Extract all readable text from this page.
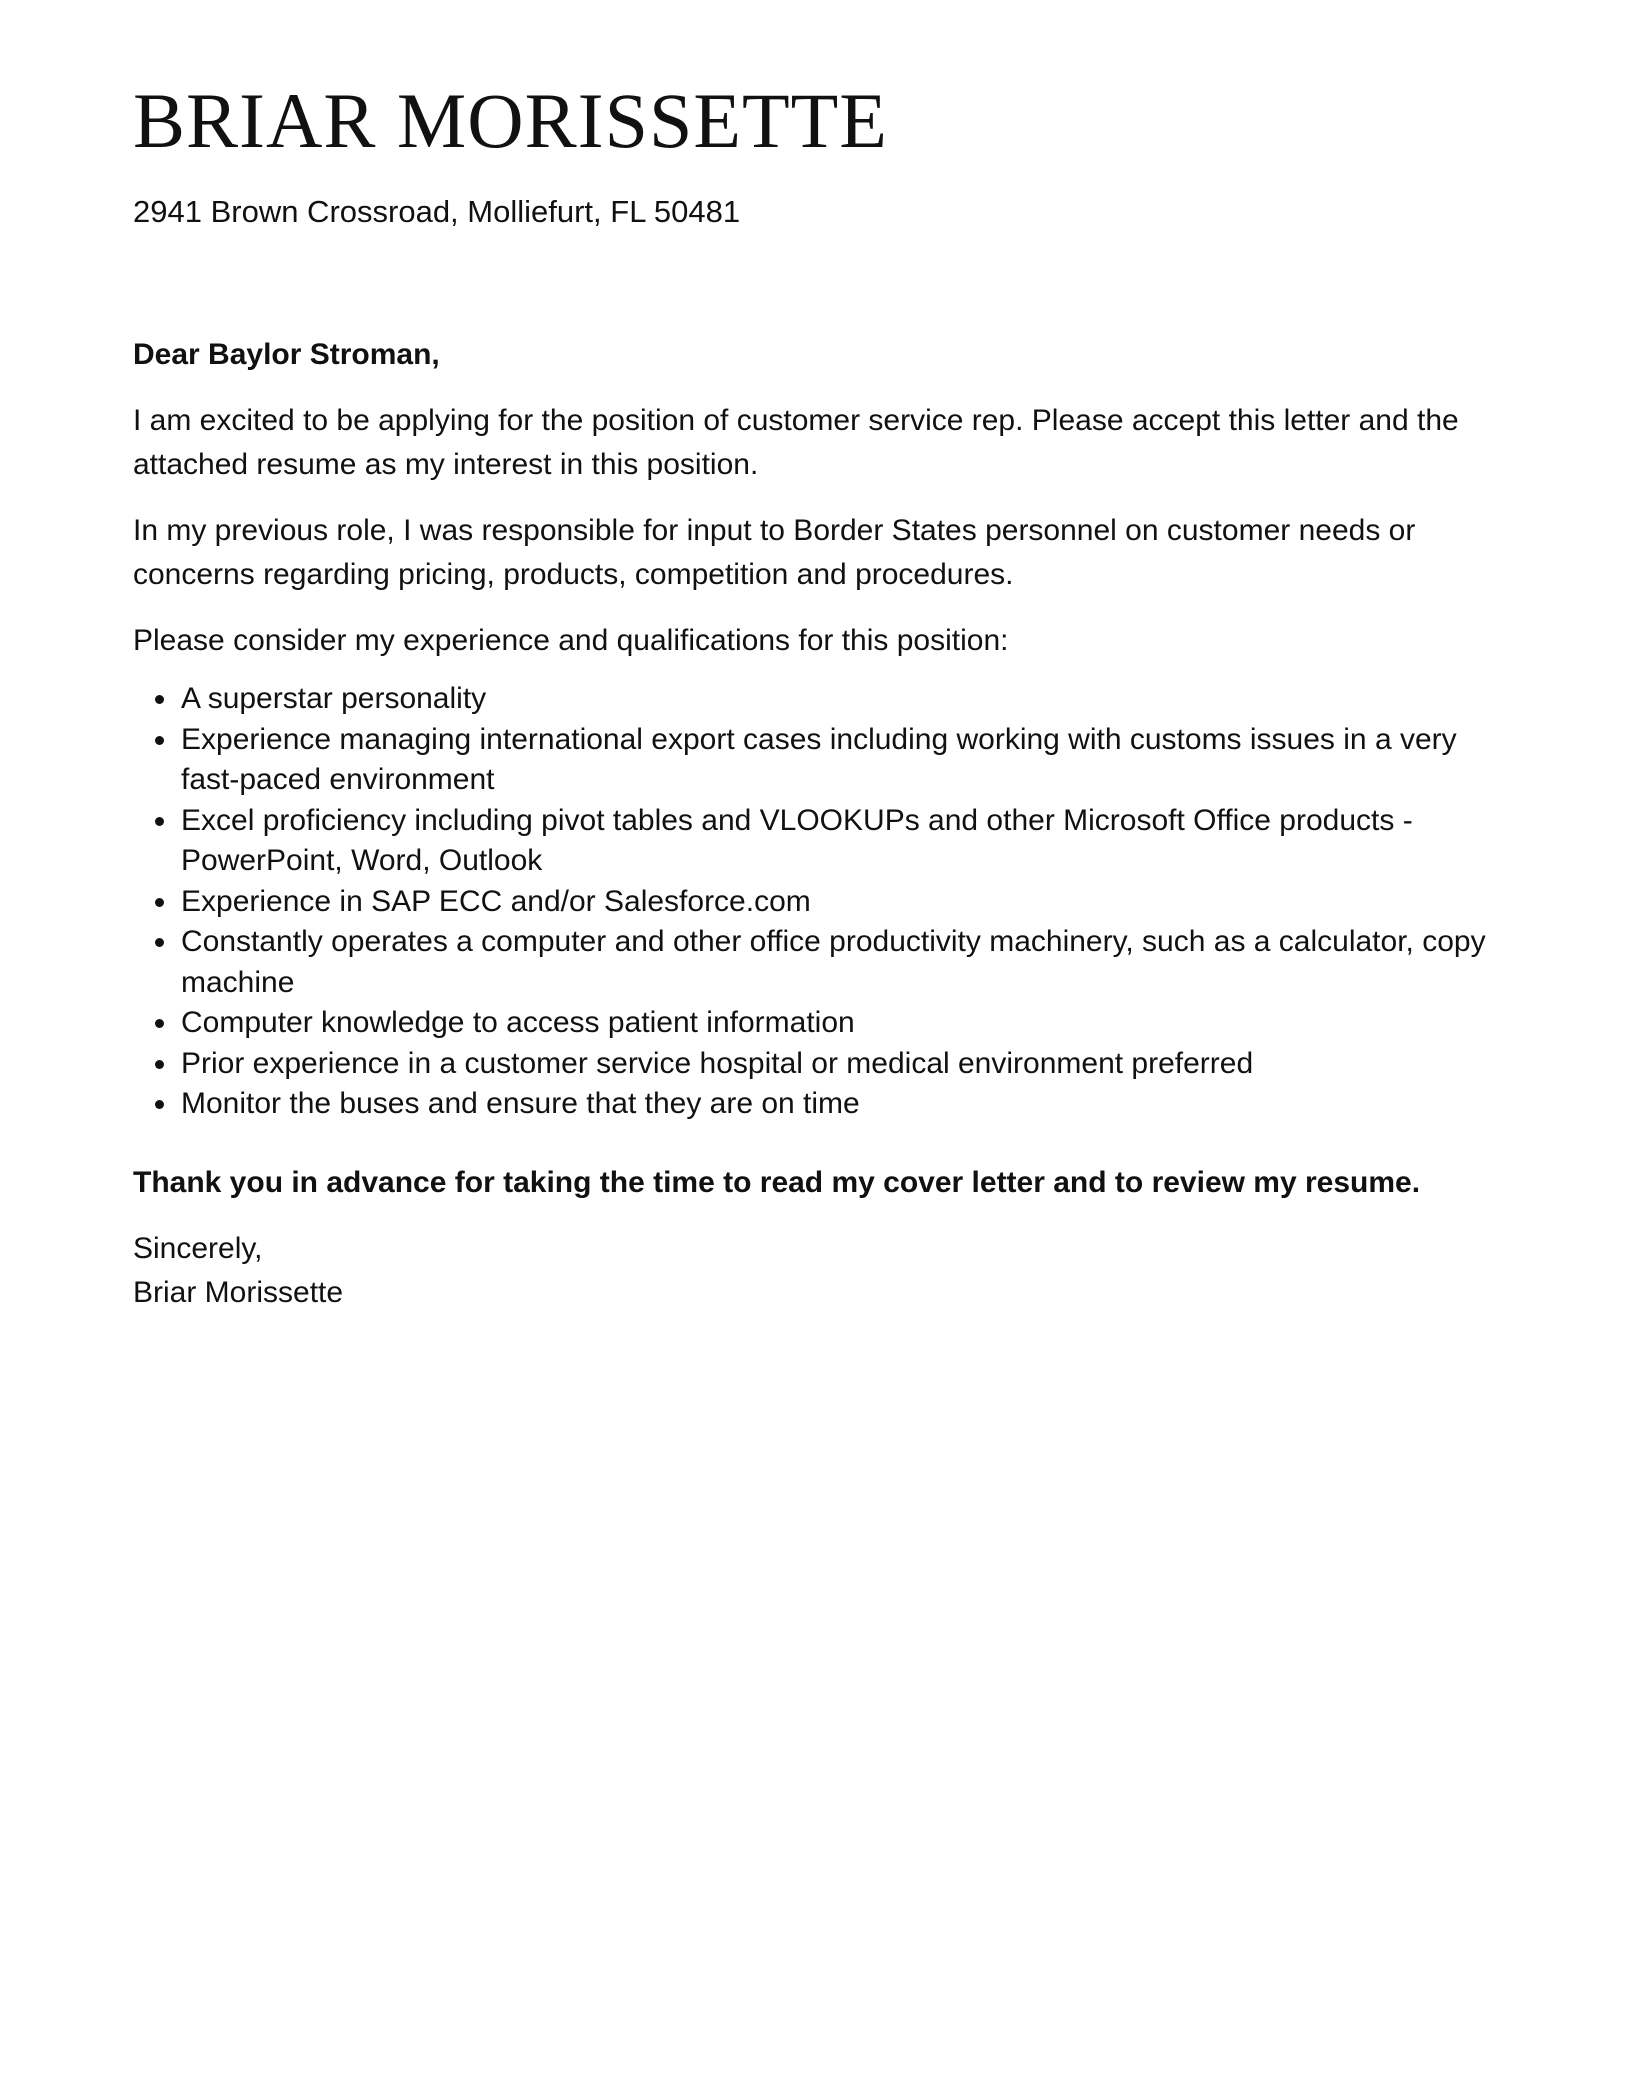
BRIAR MORISSETTE
2941 Brown Crossroad, Molliefurt, FL 50481

Dear Baylor Stroman,

I am excited to be applying for the position of customer service rep. Please accept this letter and the attached resume as my interest in this position.

In my previous role, I was responsible for input to Border States personnel on customer needs or concerns regarding pricing, products, competition and procedures.

Please consider my experience and qualifications for this position:

A superstar personality
Experience managing international export cases including working with customs issues in a very fast-paced environment
Excel proficiency including pivot tables and VLOOKUPs and other Microsoft Office products - PowerPoint, Word, Outlook
Experience in SAP ECC and/or Salesforce.com
Constantly operates a computer and other office productivity machinery, such as a calculator, copy machine
Computer knowledge to access patient information
Prior experience in a customer service hospital or medical environment preferred
Monitor the buses and ensure that they are on time

Thank you in advance for taking the time to read my cover letter and to review my resume.

Sincerely,

Briar Morissette
